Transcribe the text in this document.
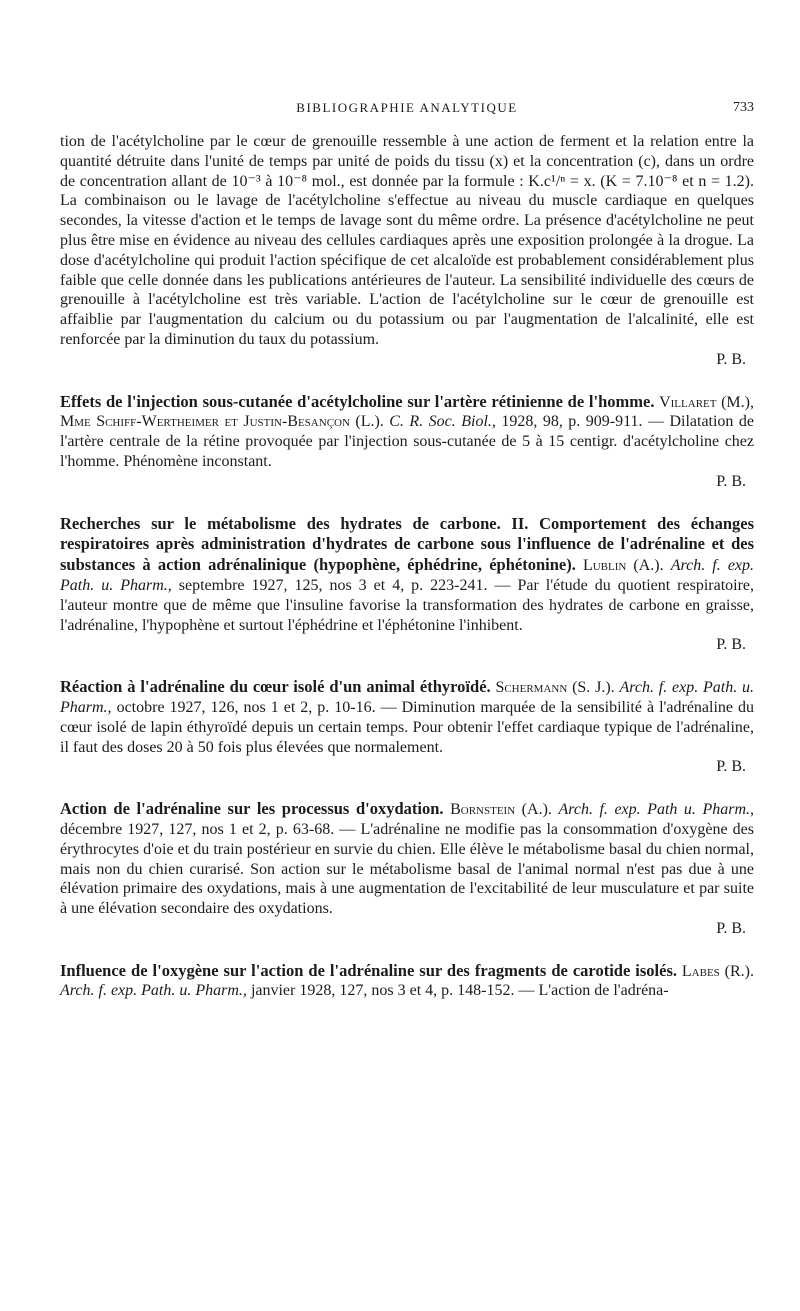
BIBLIOGRAPHIE ANALYTIQUE	733

tion de l'acétylcholine par le cœur de grenouille ressemble à une action de ferment et la relation entre la quantité détruite dans l'unité de temps par unité de poids du tissu (x) et la concentration (c), dans un ordre de concentration allant de 10⁻³ à 10⁻⁸ mol., est donnée par la formule : K.c¹/ⁿ = x. (K = 7.10⁻⁸ et n = 1.2). La combinaison ou le lavage de l'acétylcholine s'effectue au niveau du muscle cardiaque en quelques secondes, la vitesse d'action et le temps de lavage sont du même ordre. La présence d'acétylcholine ne peut plus être mise en évidence au niveau des cellules cardiaques après une exposition prolongée à la drogue. La dose d'acétylcholine qui produit l'action spécifique de cet alcaloïde est probablement considérablement plus faible que celle donnée dans les publications antérieures de l'auteur. La sensibilité individuelle des cœurs de grenouille à l'acétylcholine est très variable. L'action de l'acétylcholine sur le cœur de grenouille est affaiblie par l'augmentation du calcium ou du potassium ou par l'augmentation de l'alcalinité, elle est renforcée par la diminution du taux du potassium.

P. B.

Effets de l'injection sous-cutanée d'acétylcholine sur l'artère rétinienne de l'homme. Villaret (M.), Mme Schiff-Wertheimer et Justin-Besançon (L.). C. R. Soc. Biol., 1928, 98, p. 909-911. — Dilatation de l'artère centrale de la rétine provoquée par l'injection sous-cutanée de 5 à 15 centigr. d'acétylcholine chez l'homme. Phénomène inconstant.

P. B.

Recherches sur le métabolisme des hydrates de carbone. II. Comportement des échanges respiratoires après administration d'hydrates de carbone sous l'influence de l'adrénaline et des substances à action adrénalinique (hypophène, éphédrine, éphétonine). Lublin (A.). Arch. f. exp. Path. u. Pharm., septembre 1927, 125, nos 3 et 4, p. 223-241. — Par l'étude du quotient respiratoire, l'auteur montre que de même que l'insuline favorise la transformation des hydrates de carbone en graisse, l'adrénaline, l'hypophène et surtout l'éphédrine et l'éphétonine l'inhibent.

P. B.

Réaction à l'adrénaline du cœur isolé d'un animal éthyroïdé. Schermann (S. J.). Arch. f. exp. Path. u. Pharm., octobre 1927, 126, nos 1 et 2, p. 10-16. — Diminution marquée de la sensibilité à l'adrénaline du cœur isolé de lapin éthyroïdé depuis un certain temps. Pour obtenir l'effet cardiaque typique de l'adrénaline, il faut des doses 20 à 50 fois plus élevées que normalement.

P. B.

Action de l'adrénaline sur les processus d'oxydation. Bornstein (A.). Arch. f. exp. Path u. Pharm., décembre 1927, 127, nos 1 et 2, p. 63-68. — L'adrénaline ne modifie pas la consommation d'oxygène des érythrocytes d'oie et du train postérieur en survie du chien. Elle élève le métabolisme basal du chien normal, mais non du chien curarisé. Son action sur le métabolisme basal de l'animal normal n'est pas due à une élévation primaire des oxydations, mais à une augmentation de l'excitabilité de leur musculature et par suite à une élévation secondaire des oxydations.

P. B.

Influence de l'oxygène sur l'action de l'adrénaline sur des fragments de carotide isolés. Labes (R.). Arch. f. exp. Path. u. Pharm., janvier 1928, 127, nos 3 et 4, p. 148-152. — L'action de l'adréna-
